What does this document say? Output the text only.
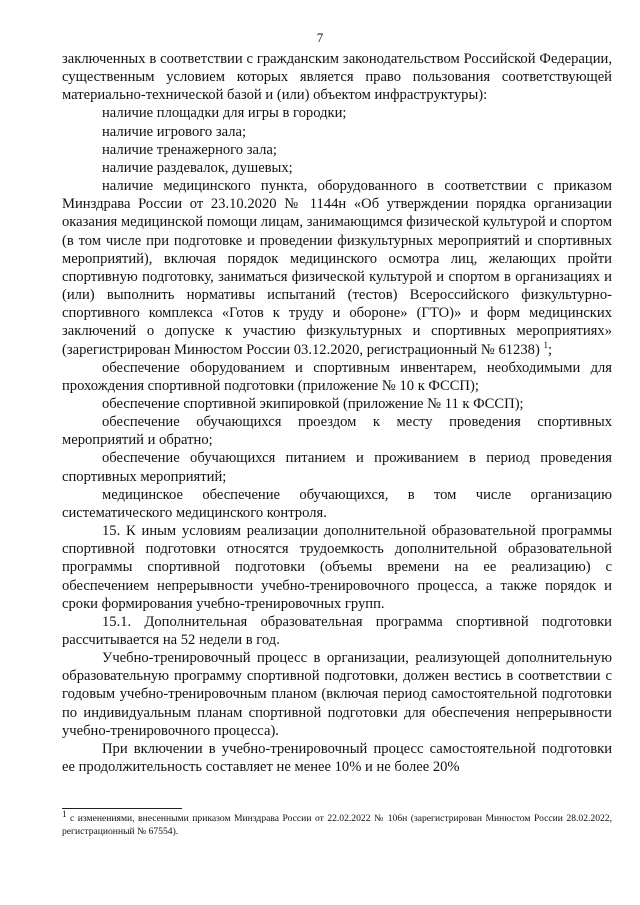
7

заключенных в соответствии с гражданским законодательством Российской Федерации, существенным условием которых является право пользования соответствующей материально-технической базой и (или) объектом инфраструктуры):

наличие площадки для игры в городки;

наличие игрового зала;

наличие тренажерного зала;

наличие раздевалок, душевых;

наличие медицинского пункта, оборудованного в соответствии с приказом Минздрава России от 23.10.2020 № 1144н «Об утверждении порядка организации оказания медицинской помощи лицам, занимающимся физической культурой и спортом (в том числе при подготовке и проведении физкультурных мероприятий и спортивных мероприятий), включая порядок медицинского осмотра лиц, желающих пройти спортивную подготовку, заниматься физической культурой и спортом в организациях и (или) выполнить нормативы испытаний (тестов) Всероссийского физкультурно-спортивного комплекса «Готов к труду и обороне» (ГТО)» и форм медицинских заключений о допуске к участию физкультурных и спортивных мероприятиях» (зарегистрирован Минюстом России 03.12.2020, регистрационный № 61238) $^1$;

обеспечение оборудованием и спортивным инвентарем, необходимыми для прохождения спортивной подготовки (приложение № 10 к ФССП);

обеспечение спортивной экипировкой (приложение № 11 к ФССП);

обеспечение обучающихся проездом к месту проведения спортивных мероприятий и обратно;

обеспечение обучающихся питанием и проживанием в период проведения спортивных мероприятий;

медицинское обеспечение обучающихся, в том числе организацию систематического медицинского контроля.

15. К иным условиям реализации дополнительной образовательной программы спортивной подготовки относятся трудоемкость дополнительной образовательной программы спортивной подготовки (объемы времени на ее реализацию) с обеспечением непрерывности учебно-тренировочного процесса, а также порядок и сроки формирования учебно-тренировочных групп.

15.1. Дополнительная образовательная программа спортивной подготовки рассчитывается на 52 недели в год.

Учебно-тренировочный процесс в организации, реализующей дополнительную образовательную программу спортивной подготовки, должен вестись в соответствии с годовым учебно-тренировочным планом (включая период самостоятельной подготовки по индивидуальным планам спортивной подготовки для обеспечения непрерывности учебно-тренировочного процесса).

При включении в учебно-тренировочный процесс самостоятельной подготовки ее продолжительность составляет не менее 10% и не более 20%

$^1$ с изменениями, внесенными приказом Минздрава России от 22.02.2022 № 106н (зарегистрирован Минюстом России 28.02.2022, регистрационный № 67554).
